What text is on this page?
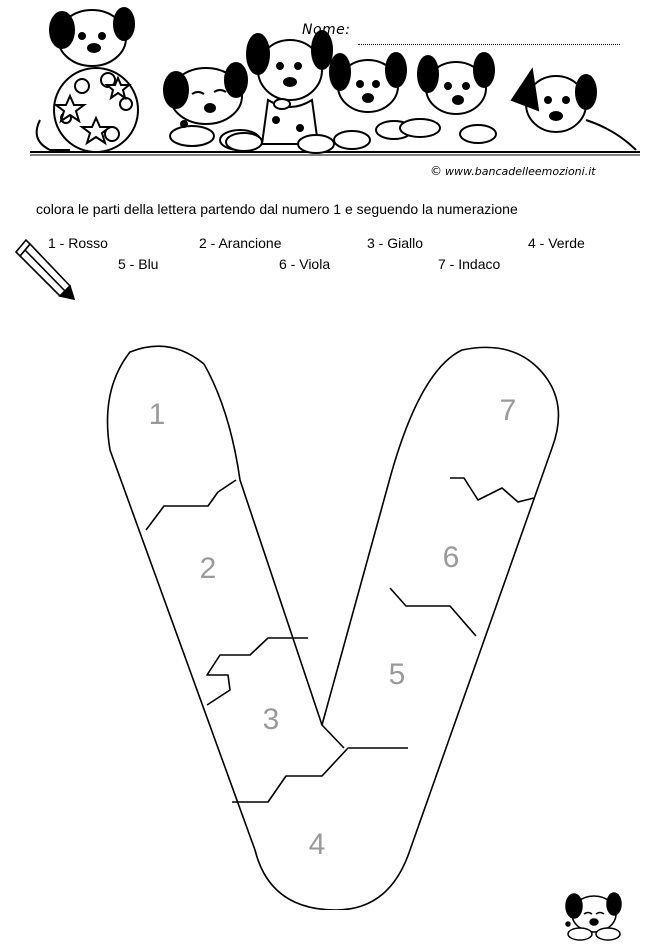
Nome:
© www.bancadelleemozioni.it
colora le parti della lettera partendo dal numero 1 e seguendo la numerazione
1 - Rosso	2 - Arancione	3 - Giallo	4 - Verde
5 - Blu	6 - Viola	7 - Indaco
1
2
3
4
5
6
7
